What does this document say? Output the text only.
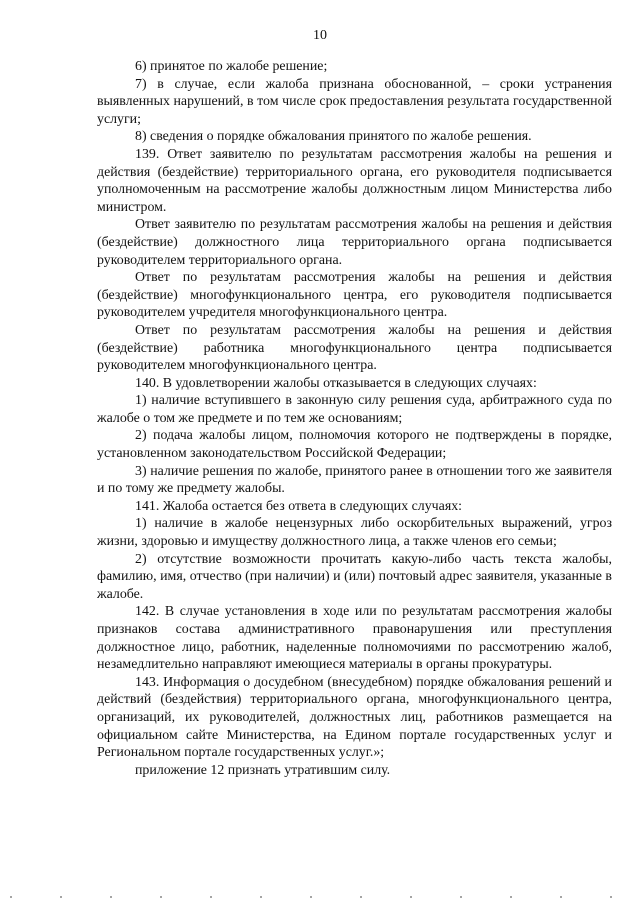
10

6) принятое по жалобе решение;

7) в случае, если жалоба признана обоснованной, – сроки устранения выявленных нарушений, в том числе срок предоставления результата государственной услуги;

8) сведения о порядке обжалования принятого по жалобе решения.

139. Ответ заявителю по результатам рассмотрения жалобы на решения и действия (бездействие) территориального органа, его руководителя подписывается уполномоченным на рассмотрение жалобы должностным лицом Министерства либо министром.

Ответ заявителю по результатам рассмотрения жалобы на решения и действия (бездействие) должностного лица территориального органа подписывается руководителем территориального органа.

Ответ по результатам рассмотрения жалобы на решения и действия (бездействие) многофункционального центра, его руководителя подписывается руководителем учредителя многофункционального центра.

Ответ по результатам рассмотрения жалобы на решения и действия (бездействие) работника многофункционального центра подписывается руководителем многофункционального центра.

140. В удовлетворении жалобы отказывается в следующих случаях:

1) наличие вступившего в законную силу решения суда, арбитражного суда по жалобе о том же предмете и по тем же основаниям;

2) подача жалобы лицом, полномочия которого не подтверждены в порядке, установленном законодательством Российской Федерации;

3) наличие решения по жалобе, принятого ранее в отношении того же заявителя и по тому же предмету жалобы.

141. Жалоба остается без ответа в следующих случаях:

1) наличие в жалобе нецензурных либо оскорбительных выражений, угроз жизни, здоровью и имуществу должностного лица, а также членов его семьи;

2) отсутствие возможности прочитать какую-либо часть текста жалобы, фамилию, имя, отчество (при наличии) и (или) почтовый адрес заявителя, указанные в жалобе.

142. В случае установления в ходе или по результатам рассмотрения жалобы признаков состава административного правонарушения или преступления должностное лицо, работник, наделенные полномочиями по рассмотрению жалоб, незамедлительно направляют имеющиеся материалы в органы прокуратуры.

143. Информация о досудебном (внесудебном) порядке обжалования решений и действий (бездействия) территориального органа, многофункционального центра, организаций, их руководителей, должностных лиц, работников размещается на официальном сайте Министерства, на Едином портале государственных услуг и Региональном портале государственных услуг.»;

приложение 12 признать утратившим силу.
